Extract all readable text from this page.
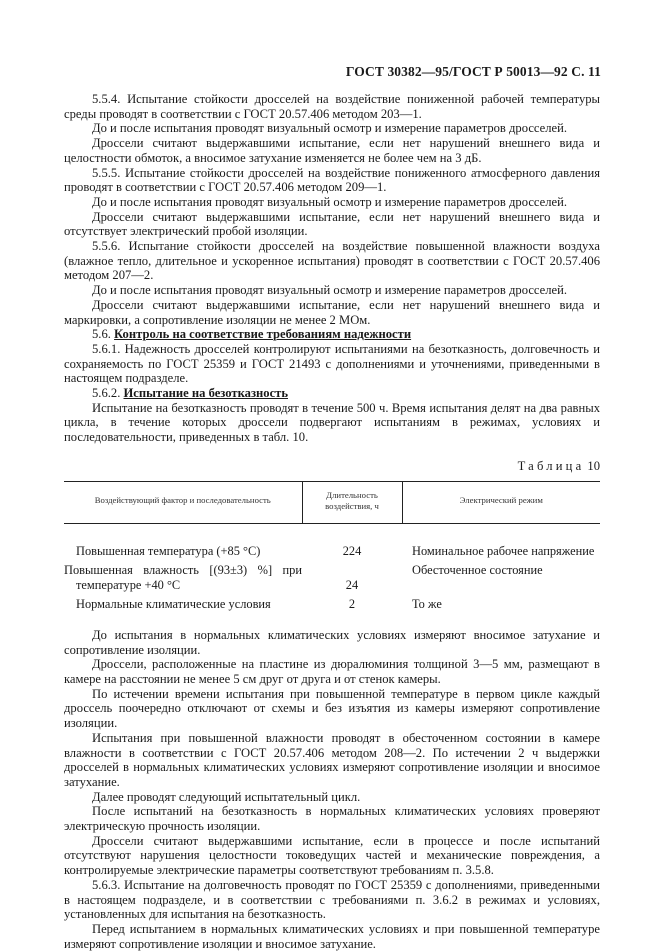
ГОСТ 30382—95/ГОСТ Р 50013—92 С. 11

5.5.4. Испытание стойкости дросселей на воздействие пониженной рабочей температуры среды проводят в соответствии с ГОСТ 20.57.406 методом 203—1.

До и после испытания проводят визуальный осмотр и измерение параметров дросселей.

Дроссели считают выдержавшими испытание, если нет нарушений внешнего вида и целостности обмоток, а вносимое затухание изменяется не более чем на 3 дБ.

5.5.5. Испытание стойкости дросселей на воздействие пониженного атмосферного давления проводят в соответствии с ГОСТ 20.57.406 методом 209—1.

До и после испытания проводят визуальный осмотр и измерение параметров дросселей.

Дроссели считают выдержавшими испытание, если нет нарушений внешнего вида и отсутствует электрический пробой изоляции.

5.5.6. Испытание стойкости дросселей на воздействие повышенной влажности воздуха (влажное тепло, длительное и ускоренное испытания) проводят в соответствии с ГОСТ 20.57.406 методом 207—2.

До и после испытания проводят визуальный осмотр и измерение параметров дросселей.

Дроссели считают выдержавшими испытание, если нет нарушений внешнего вида и маркировки, а сопротивление изоляции не менее 2 МОм.

5.6. Контроль на соответствие требованиям надежности

5.6.1. Надежность дросселей контролируют испытаниями на безотказность, долговечность и сохраняемость по ГОСТ 25359 и ГОСТ 21493 с дополнениями и уточнениями, приведенными в настоящем подразделе.

5.6.2. Испытание на безотказность

Испытание на безотказность проводят в течение 500 ч. Время испытания делят на два равных цикла, в течение которых дроссели подвергают испытаниям в режимах, условиях и последовательности, приведенных в табл. 10.

Таблица 10
Воздействующий фактор и последовательность	Длительность воздействия, ч	Электрический режим
Повышенная температура (+85 °С)	224	Номинальное рабочее напряжение
Повышенная влажность [(93±3) %] при температуре +40 °С	24	Обесточенное состояние
Нормальные климатические условия	2	То же

До испытания в нормальных климатических условиях измеряют вносимое затухание и сопротивление изоляции.

Дроссели, расположенные на пластине из дюралюминия толщиной 3—5 мм, размещают в камере на расстоянии не менее 5 см друг от друга и от стенок камеры.

По истечении времени испытания при повышенной температуре в первом цикле каждый дроссель поочередно отключают от схемы и без изъятия из камеры измеряют сопротивление изоляции.

Испытания при повышенной влажности проводят в обесточенном состоянии в камере влажности в соответствии с ГОСТ 20.57.406 методом 208—2. По истечении 2 ч выдержки дросселей в нормальных климатических условиях измеряют сопротивление изоляции и вносимое затухание.

Далее проводят следующий испытательный цикл.

После испытаний на безотказность в нормальных климатических условиях проверяют электрическую прочность изоляции.

Дроссели считают выдержавшими испытание, если в процессе и после испытаний отсутствуют нарушения целостности токоведущих частей и механические повреждения, а контролируемые электрические параметры соответствуют требованиям п. 3.5.8.

5.6.3. Испытание на долговечность проводят по ГОСТ 25359 с дополнениями, приведенными в настоящем подразделе, и в соответствии с требованиями п. 3.6.2 в режимах и условиях, установленных для испытания на безотказность.

Перед испытанием в нормальных климатических условиях и при повышенной температуре измеряют сопротивление изоляции и вносимое затухание.
